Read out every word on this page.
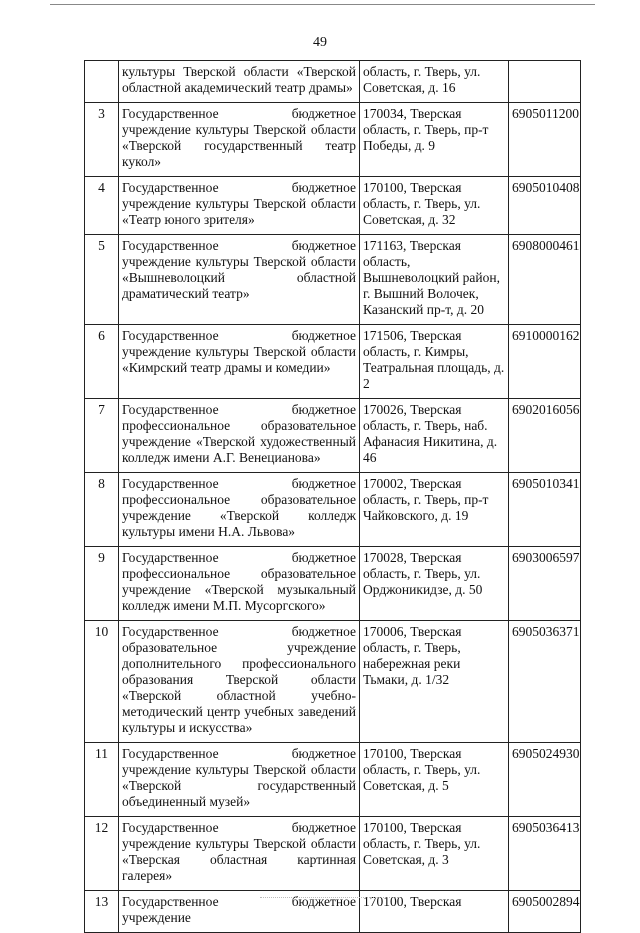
49
	культуры Тверской области «Тверской областной академический театр драмы»	область, г. Тверь, ул. Советская, д. 16	
3	Государственное бюджетное учреждение культуры Тверской области «Тверской государственный театр кукол»	170034, Тверская область, г. Тверь, пр-т Победы, д. 9	6905011200
4	Государственное бюджетное учреждение культуры Тверской области «Театр юного зрителя»	170100, Тверская область, г. Тверь, ул. Советская, д. 32	6905010408
5	Государственное бюджетное учреждение культуры Тверской области «Вышневолоцкий областной драматический театр»	171163, Тверская область, Вышневолоцкий район, г. Вышний Волочек, Казанский пр-т, д. 20	6908000461
6	Государственное бюджетное учреждение культуры Тверской области «Кимрский театр драмы и комедии»	171506, Тверская область, г. Кимры, Театральная площадь, д. 2	6910000162
7	Государственное бюджетное профессиональное образовательное учреждение «Тверской художественный колледж имени А.Г. Венецианова»	170026, Тверская область, г. Тверь, наб. Афанасия Никитина, д. 46	6902016056
8	Государственное бюджетное профессиональное образовательное учреждение «Тверской колледж культуры имени Н.А. Львова»	170002, Тверская область, г. Тверь, пр-т Чайковского, д. 19	6905010341
9	Государственное бюджетное профессиональное образовательное учреждение «Тверской музыкальный колледж имени М.П. Мусоргского»	170028, Тверская область, г. Тверь, ул. Орджоникидзе, д. 50	6903006597
10	Государственное бюджетное образовательное учреждение дополнительного профессионального образования Тверской области «Тверской областной учебно-методический центр учебных заведений культуры и искусства»	170006, Тверская область, г. Тверь, набережная реки Тьмаки, д. 1/32	6905036371
11	Государственное бюджетное учреждение культуры Тверской области «Тверской государственный объединенный музей»	170100, Тверская область, г. Тверь, ул. Советская, д. 5	6905024930
12	Государственное бюджетное учреждение культуры Тверской области «Тверская областная картинная галерея»	170100, Тверская область, г. Тверь, ул. Советская, д. 3	6905036413
13	Государственное бюджетное учреждение	170100, Тверская	6905002894
